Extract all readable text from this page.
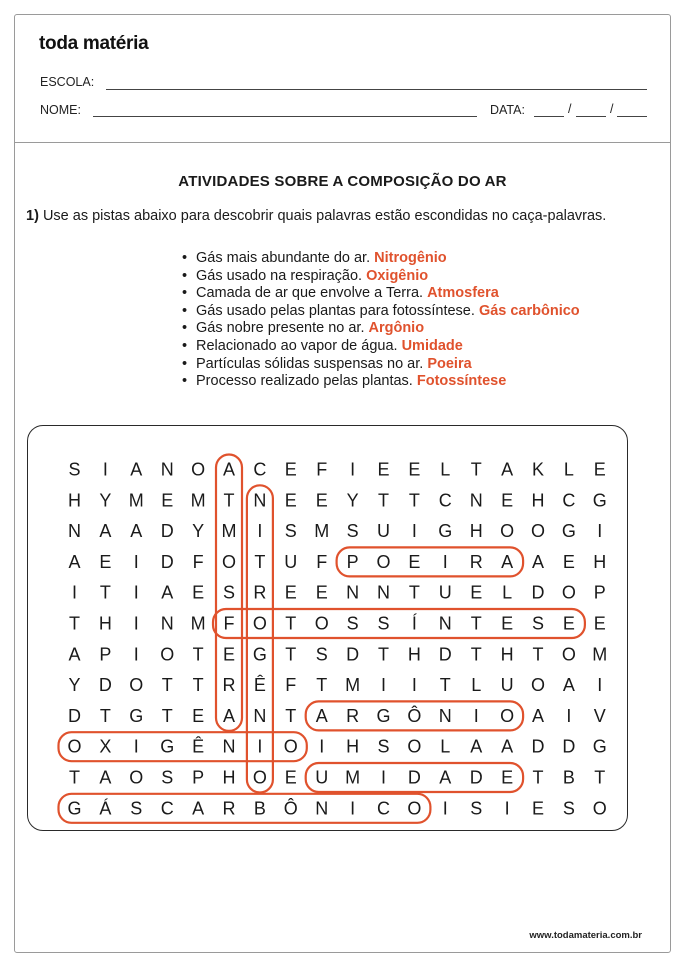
toda matéria
ESCOLA:
NOME:	DATA:	/	/
ATIVIDADES SOBRE A COMPOSIÇÃO DO AR
1) Use as pistas abaixo para descobrir quais palavras estão escondidas no caça-palavras.
• Gás mais abundante do ar. Nitrogênio
• Gás usado na respiração. Oxigênio
• Camada de ar que envolve a Terra. Atmosfera
• Gás usado pelas plantas para fotossíntese. Gás carbônico
• Gás nobre presente no ar. Argônio
• Relacionado ao vapor de água. Umidade
• Partículas sólidas suspensas no ar. Poeira
• Processo realizado pelas plantas. Fotossíntese
S I A N O A C E F I E E L T A K L E
H Y M E M T N E E Y T T C N E H C G
N A A D Y M I S M S U I G H O O G I
A E I D F O T U F P O E I R A A E H
I T I A E S R E E N N T U E L D O P
T H I N M F O T O S S Í N T E S E E
A P I O T E G T S D T H D T H T O M
Y D O T T R Ê F T M I I T L U O A I
D T G T E A N T A R G Ô N I O A I V
O X I G Ê N I O I H S O L A A D D G
T A O S P H O E U M I D A D E T B T
G Á S C A R B Ô N I C O I S I E S O
www.todamateria.com.br
